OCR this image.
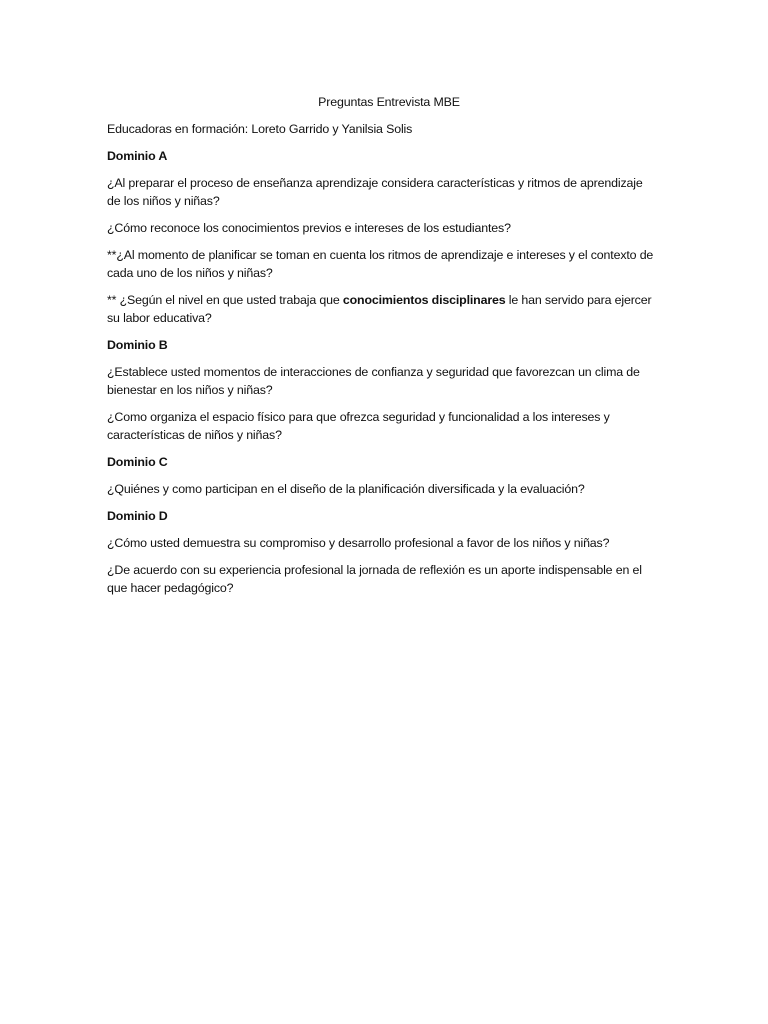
Preguntas Entrevista MBE

Educadoras en formación: Loreto Garrido y Yanilsia Solis

Dominio A

¿Al preparar el proceso de enseñanza aprendizaje considera características y ritmos de aprendizaje de los niños y niñas?

¿Cómo reconoce los conocimientos previos e intereses de los estudiantes?

**¿Al momento de planificar se toman en cuenta los ritmos de aprendizaje e intereses y el contexto de cada uno de los niños y niñas?

** ¿Según el nivel en que usted trabaja que conocimientos disciplinares le han servido para ejercer su labor educativa?

Dominio B

¿Establece usted momentos de interacciones de confianza y seguridad que favorezcan un clima de bienestar en los niños y niñas?

¿Como organiza el espacio físico para que ofrezca seguridad y funcionalidad a los intereses y características de niños y niñas?

Dominio C

¿Quiénes y como participan en el diseño de la planificación diversificada y la evaluación?

Dominio D

¿Cómo usted demuestra su compromiso y desarrollo profesional a favor de los niños y niñas?

¿De acuerdo con su experiencia profesional la jornada de reflexión es un aporte indispensable en el que hacer pedagógico?
